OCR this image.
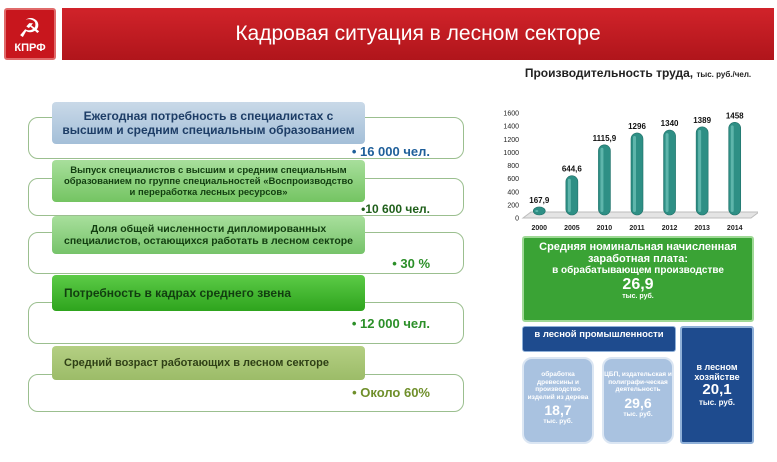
☭
КПРФ
Кадровая ситуация в лесном секторе
Ежегодная потребность в специалистах с высшим и средним специальным образованием
• 16 000 чел.
Выпуск специалистов с высшим и средним специальным образованием по группе специальностей «Воспроизводство и переработка лесных ресурсов»
•10 600 чел.
Доля общей численности дипломированных специалистов, остающихся работать в лесном секторе
• 30 %
Потребность в кадрах среднего звена
• 12 000 чел.
Средний возраст работающих в лесном секторе
• Около 60%
Производительность труда, тыс. руб./чел.
0
200
400
600
800
1000
1200
1400
1600
167,9
644,6
1115,9
1296 1340 1389
1458
2000 2005 2010 2011 2012 2013 2014
Средняя номинальная начисленная заработная плата:
в обрабатывающем производстве
26,9
тыс. руб.
в лесной промышленности
обработка древесины и производство изделий из дерева
18,7
тыс. руб.
ЦБП, издательская и полиграфи-ческая деятельность
29,6
тыс. руб.
в лесном хозяйстве
20,1
тыс. руб.
